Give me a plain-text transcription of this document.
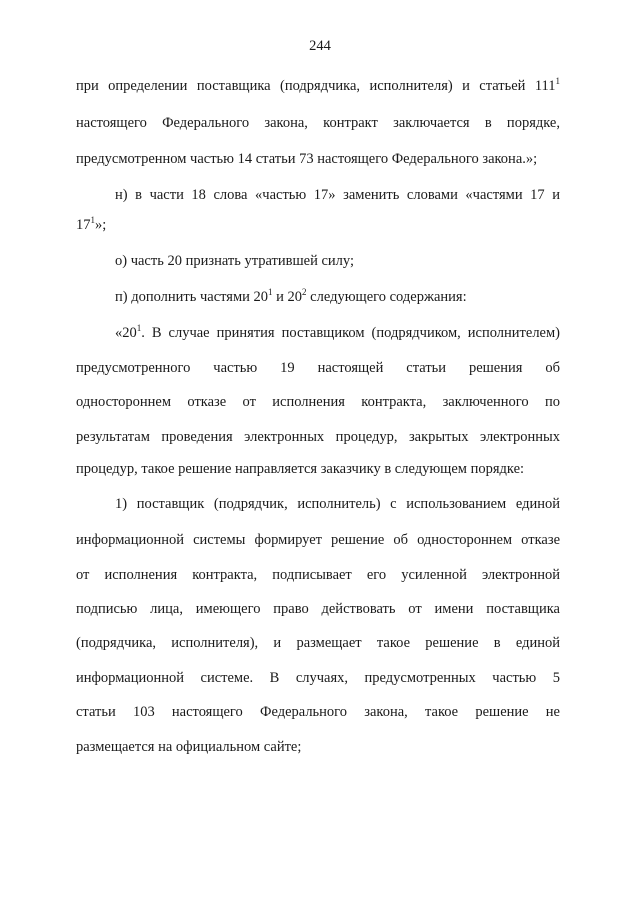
244
при определении поставщика (подрядчика, исполнителя) и статьей $111^1$
настоящего Федерального закона, контракт заключается в порядке,
предусмотренном частью 14 статьи 73 настоящего Федерального закона.»;
н) в части 18 слова «частью 17» заменить словами «частями 17 и
$17^1$»;
о) часть 20 признать утратившей силу;
п) дополнить частями $20^1$ и $20^2$ следующего содержания:
«$20^1$. В случае принятия поставщиком (подрядчиком, исполнителем)
предусмотренного частью 19 настоящей статьи решения об
одностороннем отказе от исполнения контракта, заключенного по
результатам проведения электронных процедур, закрытых электронных
процедур, такое решение направляется заказчику в следующем порядке:
1) поставщик (подрядчик, исполнитель) с использованием единой
информационной системы формирует решение об одностороннем отказе
от исполнения контракта, подписывает его усиленной электронной
подписью лица, имеющего право действовать от имени поставщика
(подрядчика, исполнителя), и размещает такое решение в единой
информационной системе. В случаях, предусмотренных частью 5
статьи 103 настоящего Федерального закона, такое решение не
размещается на официальном сайте;
